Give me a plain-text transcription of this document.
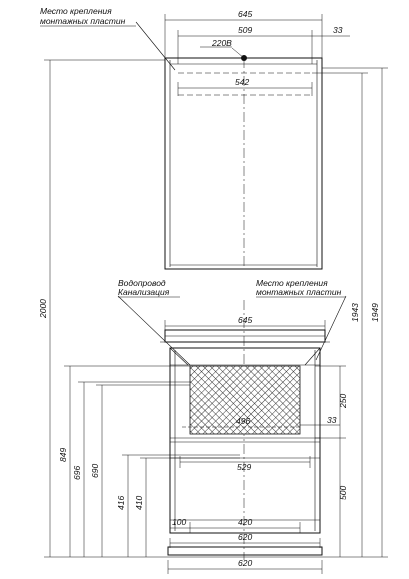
Место крепления
монтажных пластин
220В
Водопровод
Канализация
Место крепления
монтажных пластин
645
509	33
542
645
496	33
529
100	420
620
620
2000
849
696 690
416 410
1943 1949
250
500
